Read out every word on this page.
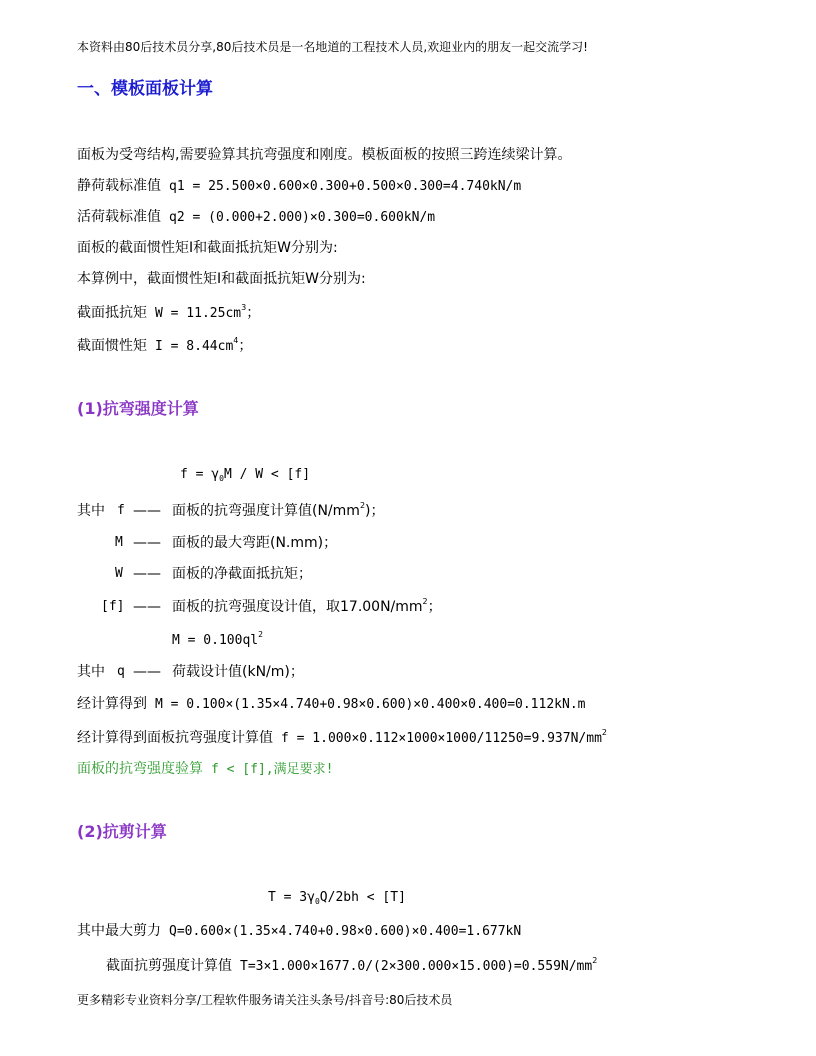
本资料由80后技术员分享,80后技术员是一名地道的工程技术人员,欢迎业内的朋友一起交流学习!
一、模板面板计算
面板为受弯结构,需要验算其抗弯强度和刚度。模板面板的按照三跨连续梁计算。
静荷载标准值 q1 = 25.500×0.600×0.300+0.500×0.300=4.740kN/m
活荷载标准值 q2 = (0.000+2.000)×0.300=0.600kN/m
面板的截面惯性矩I和截面抵抗矩W分别为:
本算例中，截面惯性矩I和截面抵抗矩W分别为:
截面抵抗矩 $W = 11.25cm^3$；
截面惯性矩 $I = 8.44cm^4$；
(1)抗弯强度计算
$f = \gamma_0M / W < [f]$
其中 f —— 面板的抗弯强度计算值$(N/mm^2)$；
M —— 面板的最大弯距(N.mm)；
W —— 面板的净截面抵抗矩；
[f] —— 面板的抗弯强度设计值，取$17.00N/mm^2$；
$M = 0.100ql^2$
其中 q —— 荷载设计值(kN/m)；
经计算得到 M = 0.100×(1.35×4.740+0.98×0.600)×0.400×0.400=0.112kN.m
经计算得到面板抗弯强度计算值 $f = 1.000\times 0.112\times 1000\times 1000/11250=9.937N/mm^2$
面板的抗弯强度验算 f < [f],满足要求!
(2)抗剪计算
$T = 3\gamma_0Q/2bh < [T]$
其中最大剪力 Q=0.600×(1.35×4.740+0.98×0.600)×0.400=1.677kN
截面抗剪强度计算值 $T=3\times 1.000\times 1677.0/(2\times 300.000\times 15.000)=0.559N/mm^2$
更多精彩专业资料分享/工程软件服务请关注头条号/抖音号:80后技术员
